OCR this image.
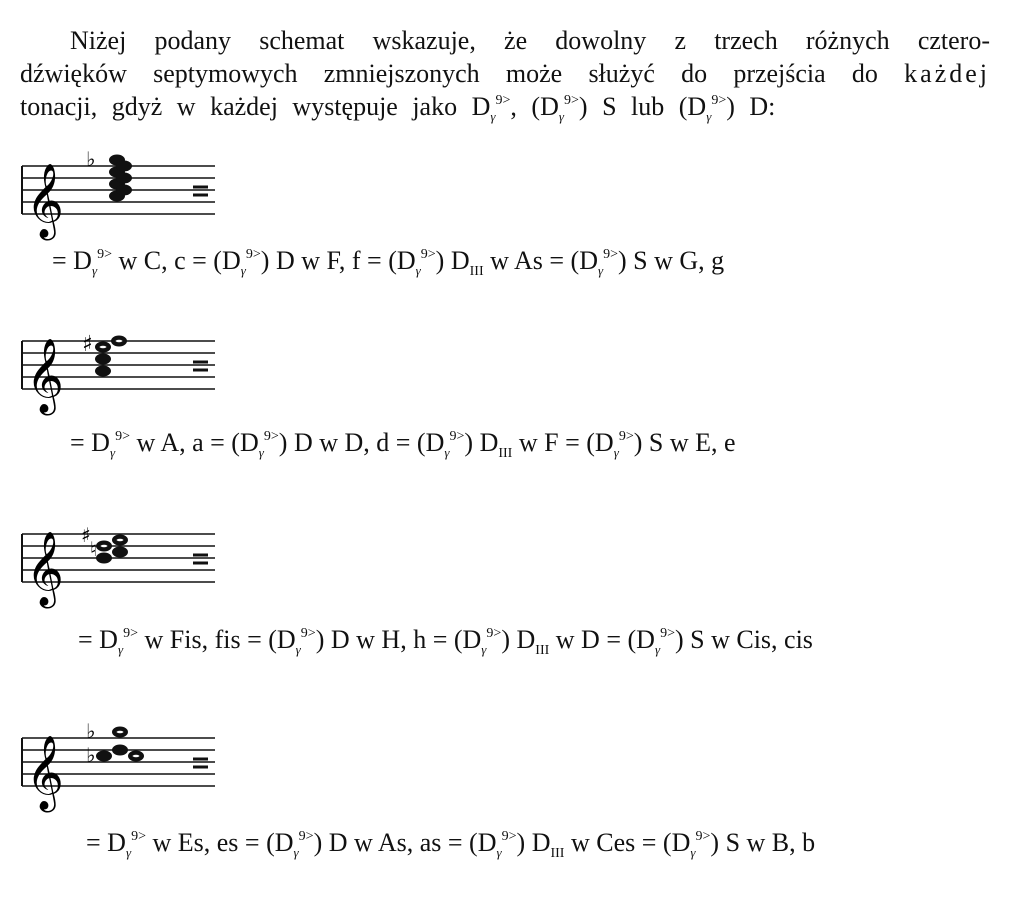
Niżej podany schemat wskazuje, że dowolny z trzech różnych cztero-

dźwięków septymowych zmniejszonych może służyć do przejścia do każdej

tonacji, gdyż w każdej występuje jako $D_\gamma^{9>}$, $(D_\gamma^{9>})$ S lub $(D_\gamma^{9>})$ D:

𝄞
♭
= $D_\gamma^{9>}$ w C, $c = (D_\gamma^{9>})$ D w F, $f = (D_\gamma^{9>})$ $D_{III}$ w $As = (D_\gamma^{9>})$ S w G, g
𝄞 ♯
= $D_\gamma^{9>}$ w A, $a = (D_\gamma^{9>})$ D w D, $d = (D_\gamma^{9>})$ $D_{III}$ w $F = (D_\gamma^{9>})$ S w E, e
𝄞 ♯
♮
= $D_\gamma^{9>}$ w Fis, fis = $(D_\gamma^{9>})$ D w H, $h = (D_\gamma^{9>})$ $D_{III}$ w $D = (D_\gamma^{9>})$ S w Cis, cis
𝄞
♭
♭
= $D_\gamma^{9>}$ w Es, es = $(D_\gamma^{9>})$ D w As, as = $(D_\gamma^{9>})$ $D_{III}$ w Ces = $(D_\gamma^{9>})$ S w B, b
